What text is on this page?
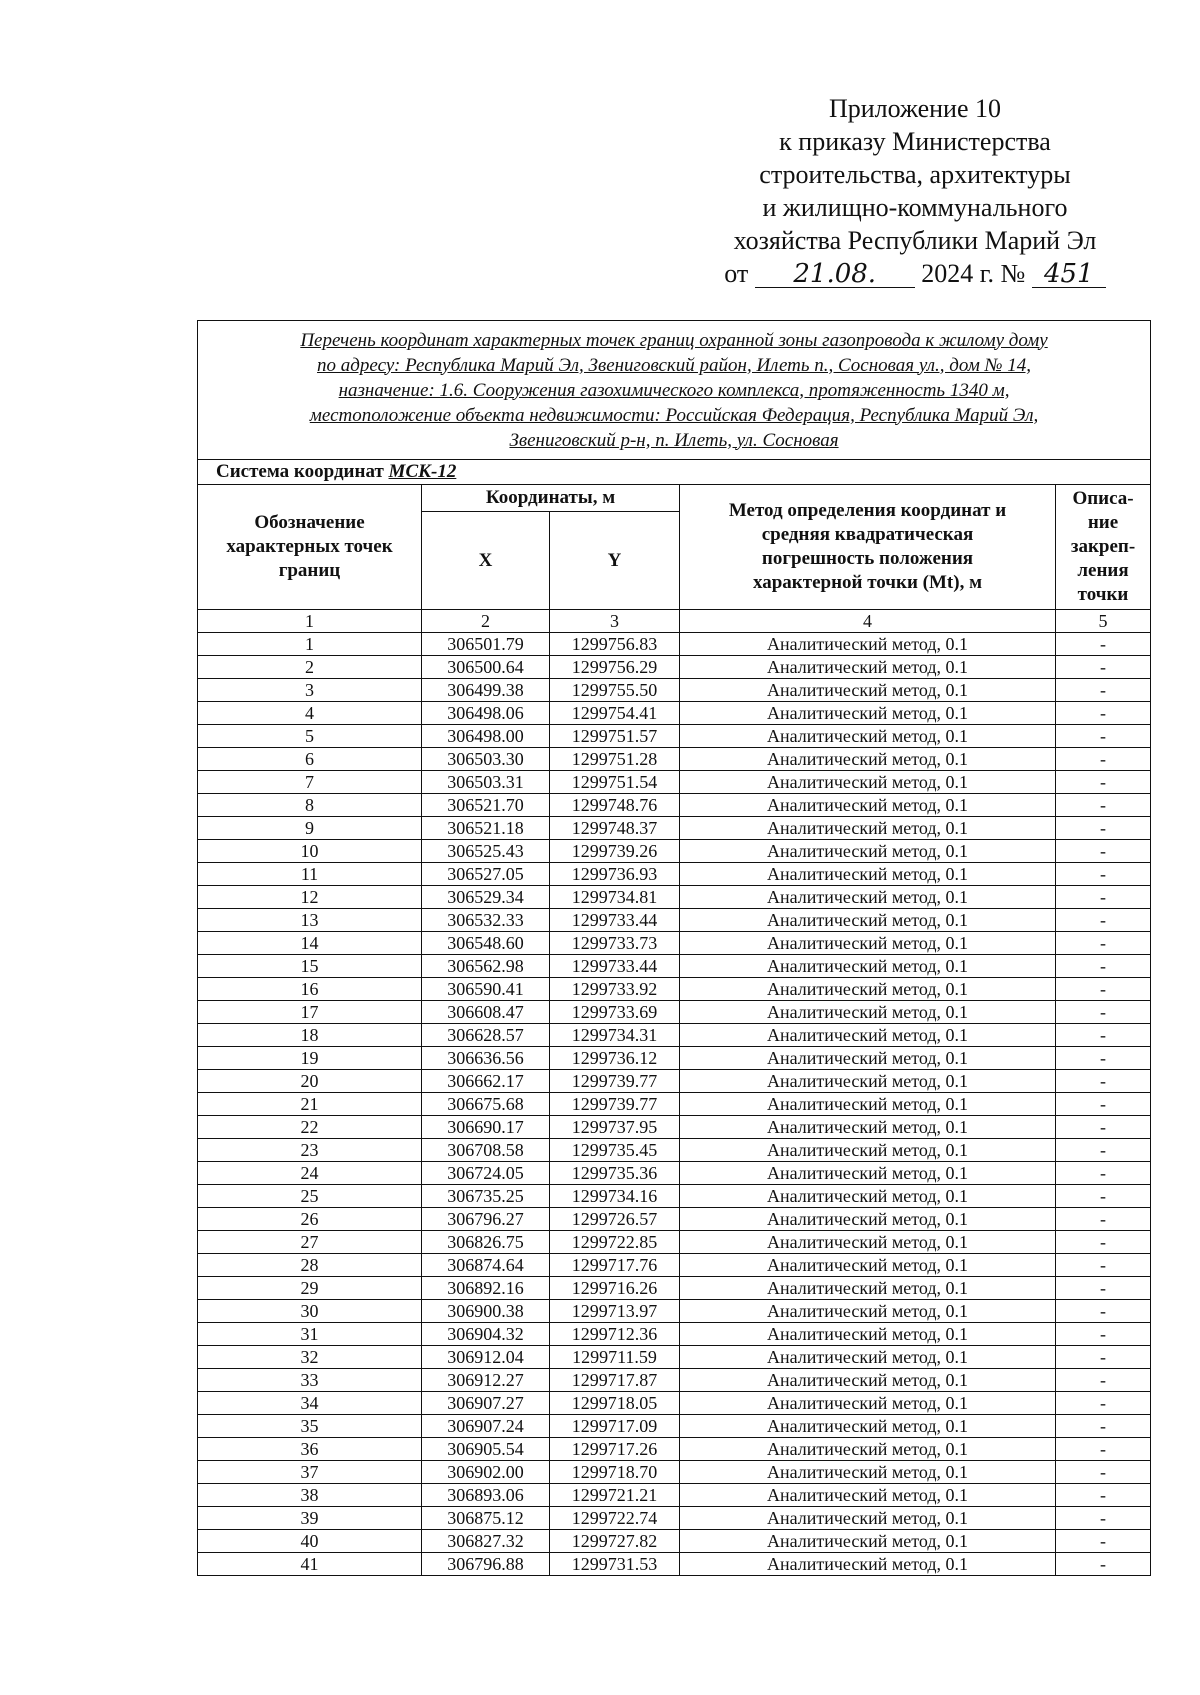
Приложение 10
к приказу Министерства
строительства, архитектуры
и жилищно-коммунального
хозяйства Республики Марий Эл
от 21.08. 2024 г. № 451
Перечень координат характерных точек границ охранной зоны газопровода к жилому дому
по адресу: Республика Марий Эл, Звениговский район, Илеть п., Сосновая ул., дом № 14,
назначение: 1.6. Сооружения газохимического комплекса, протяженность 1340 м,
местоположение объекта недвижимости: Российская Федерация, Республика Марий Эл,
Звениговский р-н, п. Илеть, ул. Сосновая				

Система координат МСК-12				

Обозначение
характерных точек
границ	Координаты, м		Метод определения координат и
средняя квадратическая
погрешность положения
характерной точки (Mt), м	Описа-
ние
закреп-
ления
точки

	X	Y		
1	2	3	4	5
1	306501.79	1299756.83	Аналитический метод, 0.1	-
2	306500.64	1299756.29	Аналитический метод, 0.1	-
3	306499.38	1299755.50	Аналитический метод, 0.1	-
4	306498.06	1299754.41	Аналитический метод, 0.1	-
5	306498.00	1299751.57	Аналитический метод, 0.1	-
6	306503.30	1299751.28	Аналитический метод, 0.1	-
7	306503.31	1299751.54	Аналитический метод, 0.1	-
8	306521.70	1299748.76	Аналитический метод, 0.1	-
9	306521.18	1299748.37	Аналитический метод, 0.1	-
10	306525.43	1299739.26	Аналитический метод, 0.1	-
11	306527.05	1299736.93	Аналитический метод, 0.1	-
12	306529.34	1299734.81	Аналитический метод, 0.1	-
13	306532.33	1299733.44	Аналитический метод, 0.1	-
14	306548.60	1299733.73	Аналитический метод, 0.1	-
15	306562.98	1299733.44	Аналитический метод, 0.1	-
16	306590.41	1299733.92	Аналитический метод, 0.1	-
17	306608.47	1299733.69	Аналитический метод, 0.1	-
18	306628.57	1299734.31	Аналитический метод, 0.1	-
19	306636.56	1299736.12	Аналитический метод, 0.1	-
20	306662.17	1299739.77	Аналитический метод, 0.1	-
21	306675.68	1299739.77	Аналитический метод, 0.1	-
22	306690.17	1299737.95	Аналитический метод, 0.1	-
23	306708.58	1299735.45	Аналитический метод, 0.1	-
24	306724.05	1299735.36	Аналитический метод, 0.1	-
25	306735.25	1299734.16	Аналитический метод, 0.1	-
26	306796.27	1299726.57	Аналитический метод, 0.1	-
27	306826.75	1299722.85	Аналитический метод, 0.1	-
28	306874.64	1299717.76	Аналитический метод, 0.1	-
29	306892.16	1299716.26	Аналитический метод, 0.1	-
30	306900.38	1299713.97	Аналитический метод, 0.1	-
31	306904.32	1299712.36	Аналитический метод, 0.1	-
32	306912.04	1299711.59	Аналитический метод, 0.1	-
33	306912.27	1299717.87	Аналитический метод, 0.1	-
34	306907.27	1299718.05	Аналитический метод, 0.1	-
35	306907.24	1299717.09	Аналитический метод, 0.1	-
36	306905.54	1299717.26	Аналитический метод, 0.1	-
37	306902.00	1299718.70	Аналитический метод, 0.1	-
38	306893.06	1299721.21	Аналитический метод, 0.1	-
39	306875.12	1299722.74	Аналитический метод, 0.1	-
40	306827.32	1299727.82	Аналитический метод, 0.1	-
41	306796.88	1299731.53	Аналитический метод, 0.1	-
